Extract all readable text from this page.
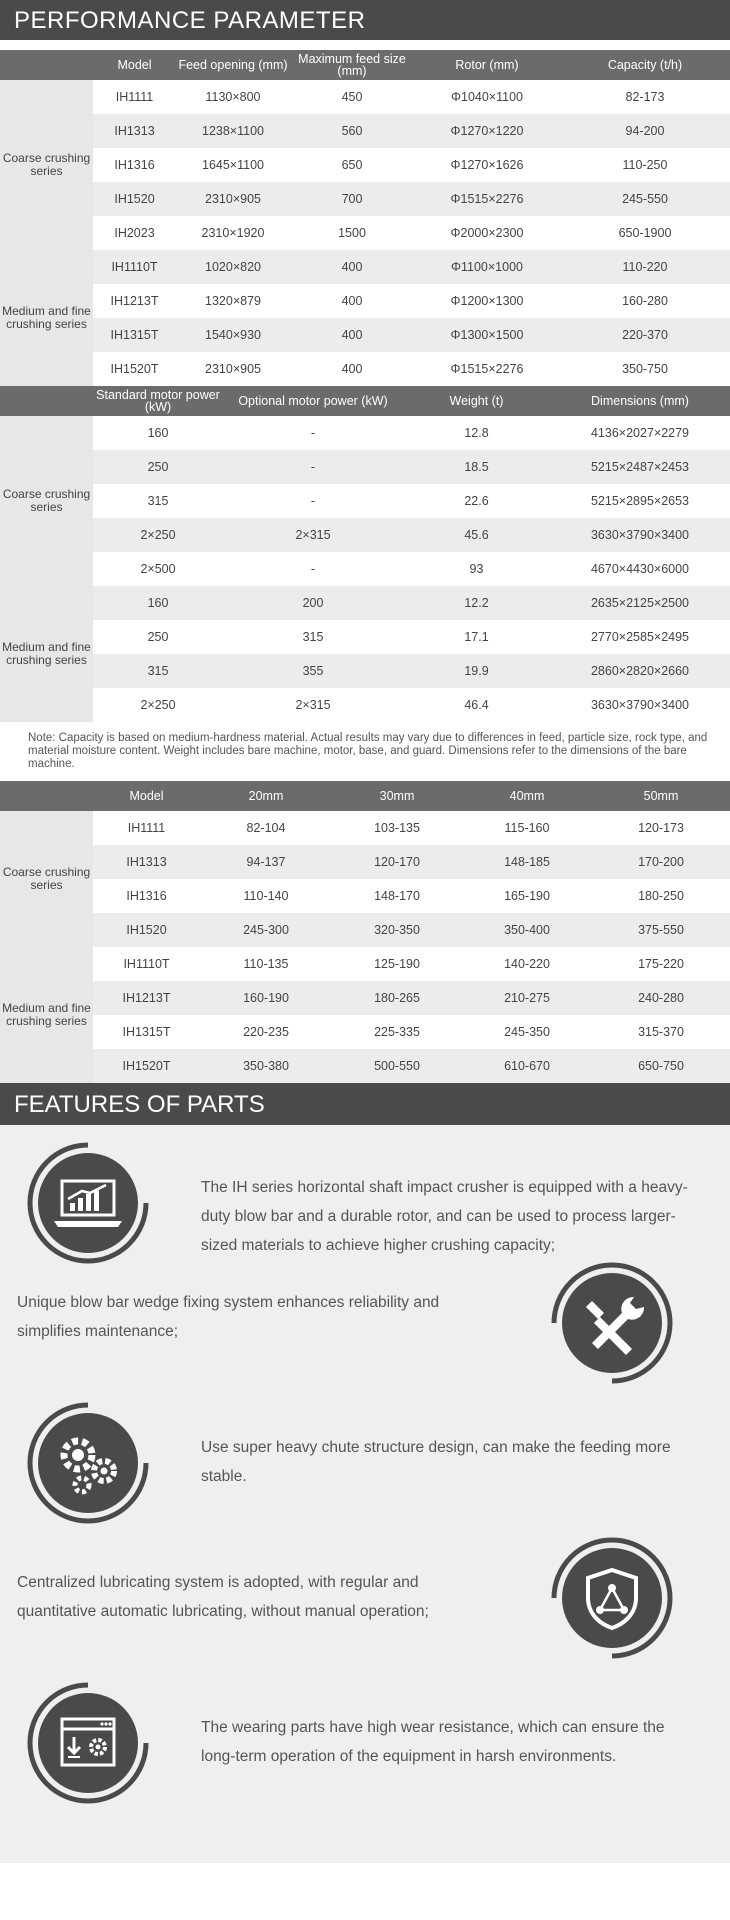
PERFORMANCE PARAMETER
	Model	Feed opening (mm)	Maximum feed size (mm)	Rotor (mm)	Capacity (t/h)
Coarse crushing series	IH1111	1130×800	450	Φ1040×1100	82-173
	IH1313	1238×1100	560	Φ1270×1220	94-200
	IH1316	1645×1100	650	Φ1270×1626	110-250
	IH1520	2310×905	700	Φ1515×2276	245-550
	IH2023	2310×1920	1500	Φ2000×2300	650-1900
Medium and fine crushing series	IH1110T	1020×820	400	Φ1100×1000	110-220
	IH1213T	1320×879	400	Φ1200×1300	160-280
	IH1315T	1540×930	400	Φ1300×1500	220-370
	IH1520T	2310×905	400	Φ1515×2276	350-750
	Standard motor power (kW)	Optional motor power (kW)	Weight (t)	Dimensions (mm)
Coarse crushing series	160	-	12.8	4136×2027×2279
	250	-	18.5	5215×2487×2453
	315	-	22.6	5215×2895×2653
	2×250	2×315	45.6	3630×3790×3400
	2×500	-	93	4670×4430×6000
Medium and fine crushing series	160	200	12.2	2635×2125×2500
	250	315	17.1	2770×2585×2495
	315	355	19.9	2860×2820×2660
	2×250	2×315	46.4	3630×3790×3400
Note: Capacity is based on medium-hardness material. Actual results may vary due to differences in feed, particle size, rock type, and material moisture content. Weight includes bare machine, motor, base, and guard. Dimensions refer to the dimensions of the bare machine.
	Model	20mm	30mm	40mm	50mm
Coarse crushing series	IH1111	82-104	103-135	115-160	120-173
	IH1313	94-137	120-170	148-185	170-200
	IH1316	110-140	148-170	165-190	180-250
	IH1520	245-300	320-350	350-400	375-550
Medium and fine crushing series	IH1110T	110-135	125-190	140-220	175-220
	IH1213T	160-190	180-265	210-275	240-280
	IH1315T	220-235	225-335	245-350	315-370
	IH1520T	350-380	500-550	610-670	650-750
FEATURES OF PARTS
The IH series horizontal shaft impact crusher is equipped with a heavy-duty blow bar and a durable rotor, and can be used to process larger-sized materials to achieve higher crushing capacity;
Unique blow bar wedge fixing system enhances reliability and simplifies maintenance;
Use super heavy chute structure design, can make the feeding more stable.
Centralized lubricating system is adopted, with regular and quantitative automatic lubricating, without manual operation;
The wearing parts have high wear resistance, which can ensure the long-term operation of the equipment in harsh environments.
